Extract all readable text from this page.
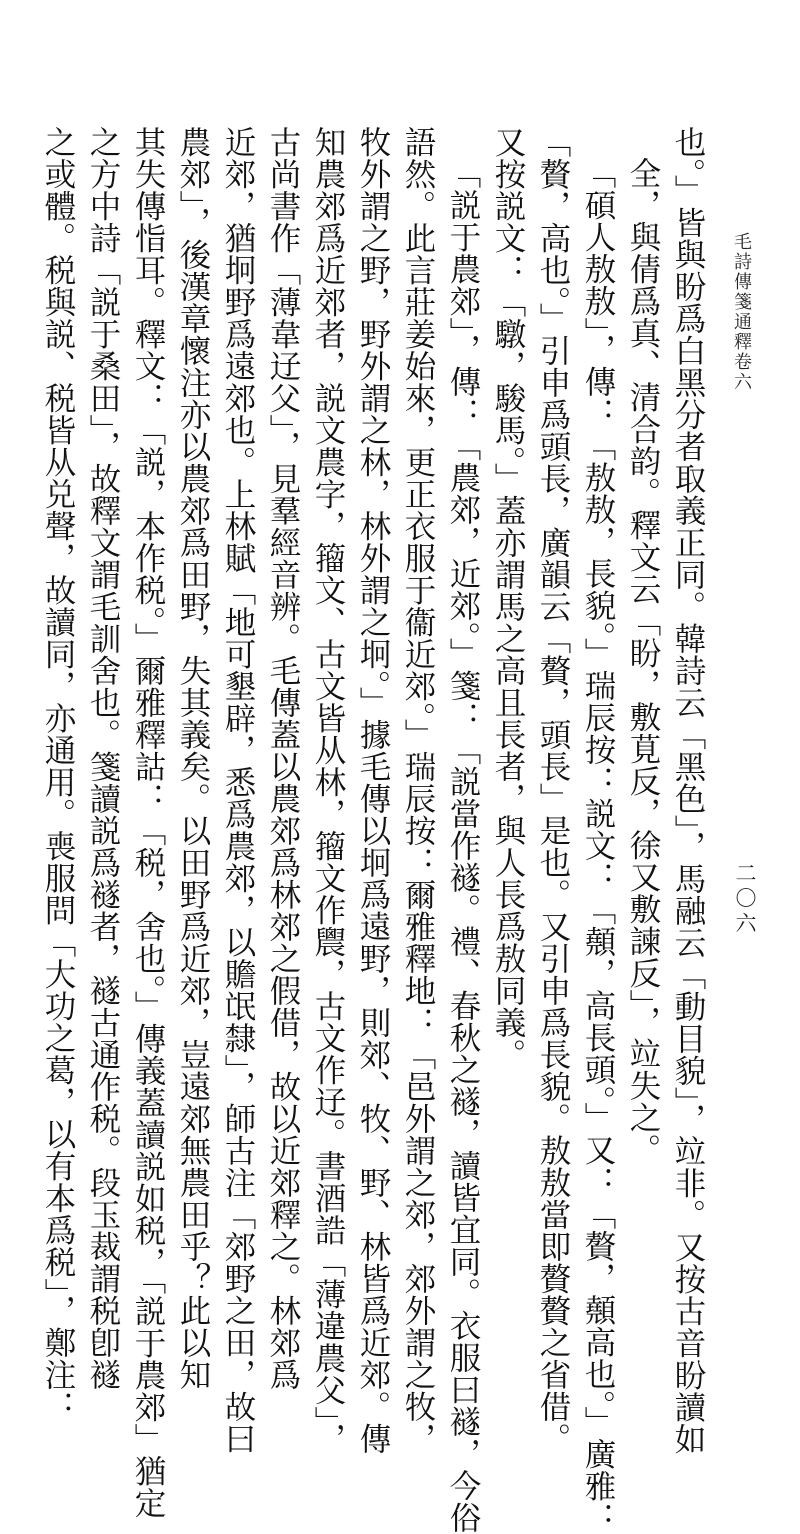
毛詩傳箋通釋卷六
二〇六
也。」皆與盼爲白黑分者取義正同。韓詩云「黑色」，馬融云「動目貌」，竝非。又按古音盼讀如
全，與倩爲真、清合韵。釋文云「盼，敷莧反，徐又敷諫反」，竝失之。
「碩人敖敖」，傳：「敖敖，長貌。」瑞辰按：説文：「顤，高長頭。」又：「贅，顤高也。」廣雅：
「贅，高也。」引申爲頭長，廣韻云「贅，頭長」是也。又引申爲長貌。敖敖當即贅贅之省借。
又按説文：「驐，駿馬。」蓋亦謂馬之高且長者，與人長爲敖同義。
「説于農郊」，傳：「農郊，近郊。」箋：「説當作襚。禮、春秋之襚，讀皆宜同。衣服曰襚，今俗
語然。此言莊姜始來，更正衣服于衞近郊。」瑞辰按：爾雅釋地：「邑外謂之郊，郊外謂之牧，
牧外謂之野，野外謂之林，林外謂之坰。」據毛傳以坰爲遠野，則郊、牧、野、林皆爲近郊。傳
知農郊爲近郊者，説文農字，籀文、古文皆从林，籀文作䢉，古文作䢊。書酒誥「薄違農父」，
古尚書作「薄韋䢊父」，見羣經音辨。毛傳蓋以農郊爲林郊之假借，故以近郊釋之。林郊爲
近郊，猶坰野爲遠郊也。上林賦「地可墾辟，悉爲農郊，以贍氓隸」，師古注「郊野之田，故曰
農郊」，後漢章懷注亦以農郊爲田野，失其義矣。以田野爲近郊，豈遠郊無農田乎？此以知
其失傳恉耳。釋文：「説，本作税。」爾雅釋詁：「税，舍也。」傳義蓋讀説如税，「説于農郊」猶定
之方中詩「説于桑田」，故釋文謂毛訓舍也。箋讀説爲襚者，襚古通作税。段玉裁謂税卽襚
之或體。税與説、税皆从兑聲，故讀同，亦通用。喪服問「大功之葛，以有本爲税」，鄭注：
